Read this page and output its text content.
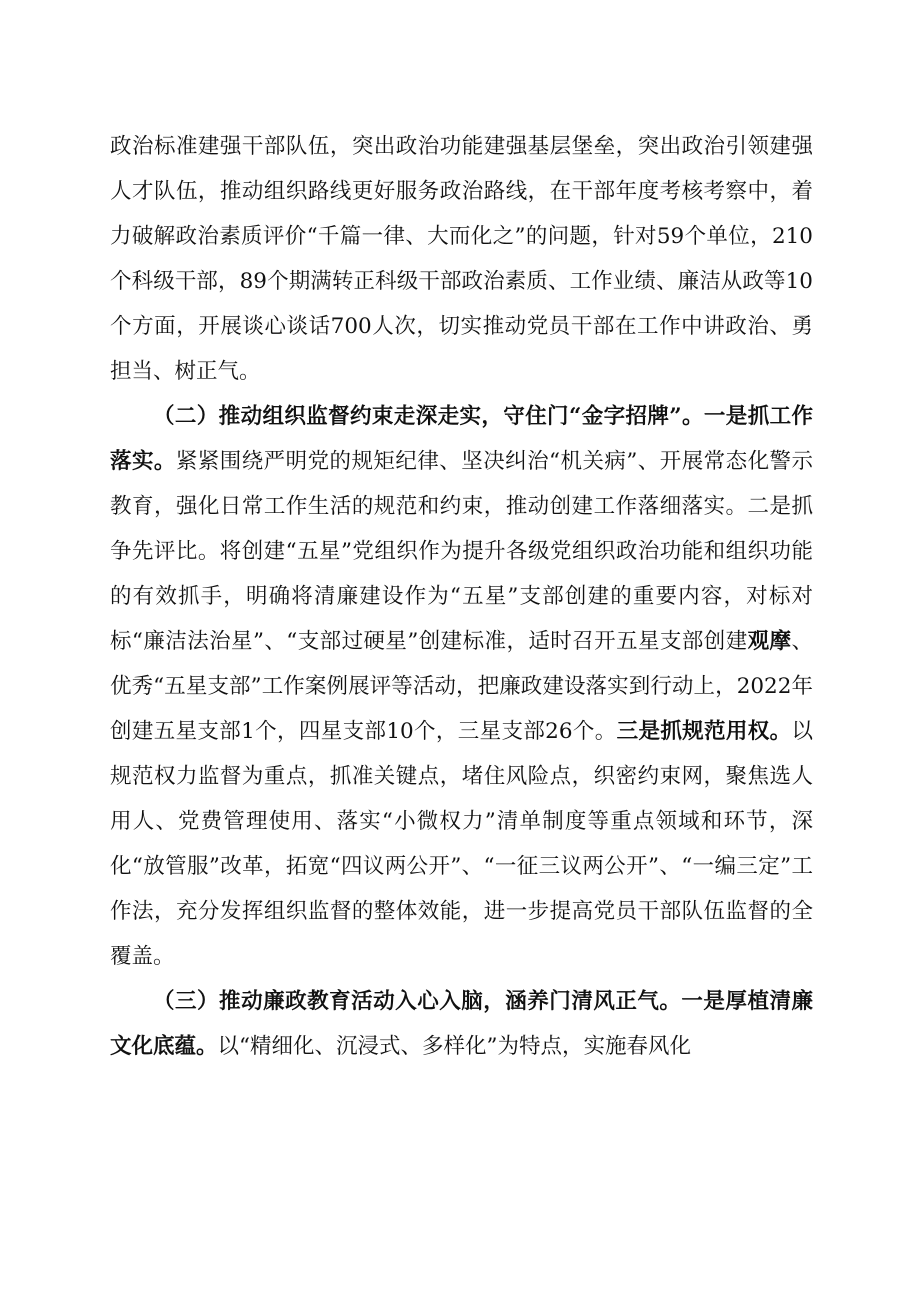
政治标准建强干部队伍，突出政治功能建强基层堡垒，突出政治引领建强人才队伍，推动组织路线更好服务政治路线，在干部年度考核考察中，着力破解政治素质评价“千篇一律、大而化之”的问题，针对59个单位，210个科级干部，89个期满转正科级干部政治素质、工作业绩、廉洁从政等10个方面，开展谈心谈话700人次，切实推动党员干部在工作中讲政治、勇担当、树正气。

（二）推动组织监督约束走深走实，守住门“金字招牌”。一是抓工作落实。紧紧围绕严明党的规矩纪律、坚决纠治“机关病”、开展常态化警示教育，强化日常工作生活的规范和约束，推动创建工作落细落实。二是抓争先评比。将创建“五星”党组织作为提升各级党组织政治功能和组织功能的有效抓手，明确将清廉建设作为“五星”支部创建的重要内容，对标对标“廉洁法治星”、“支部过硬星”创建标准，适时召开五星支部创建观摩、优秀“五星支部”工作案例展评等活动，把廉政建设落实到行动上，2022年创建五星支部1个，四星支部10个，三星支部26个。三是抓规范用权。以规范权力监督为重点，抓准关键点，堵住风险点，织密约束网，聚焦选人用人、党费管理使用、落实“小微权力”清单制度等重点领域和环节，深化“放管服”改革，拓宽“四议两公开”、“一征三议两公开”、“一编三定”工作法，充分发挥组织监督的整体效能，进一步提高党员干部队伍监督的全覆盖。

（三）推动廉政教育活动入心入脑，涵养门清风正气。一是厚植清廉文化底蕴。以“精细化、沉浸式、多样化”为特点，实施春风化
